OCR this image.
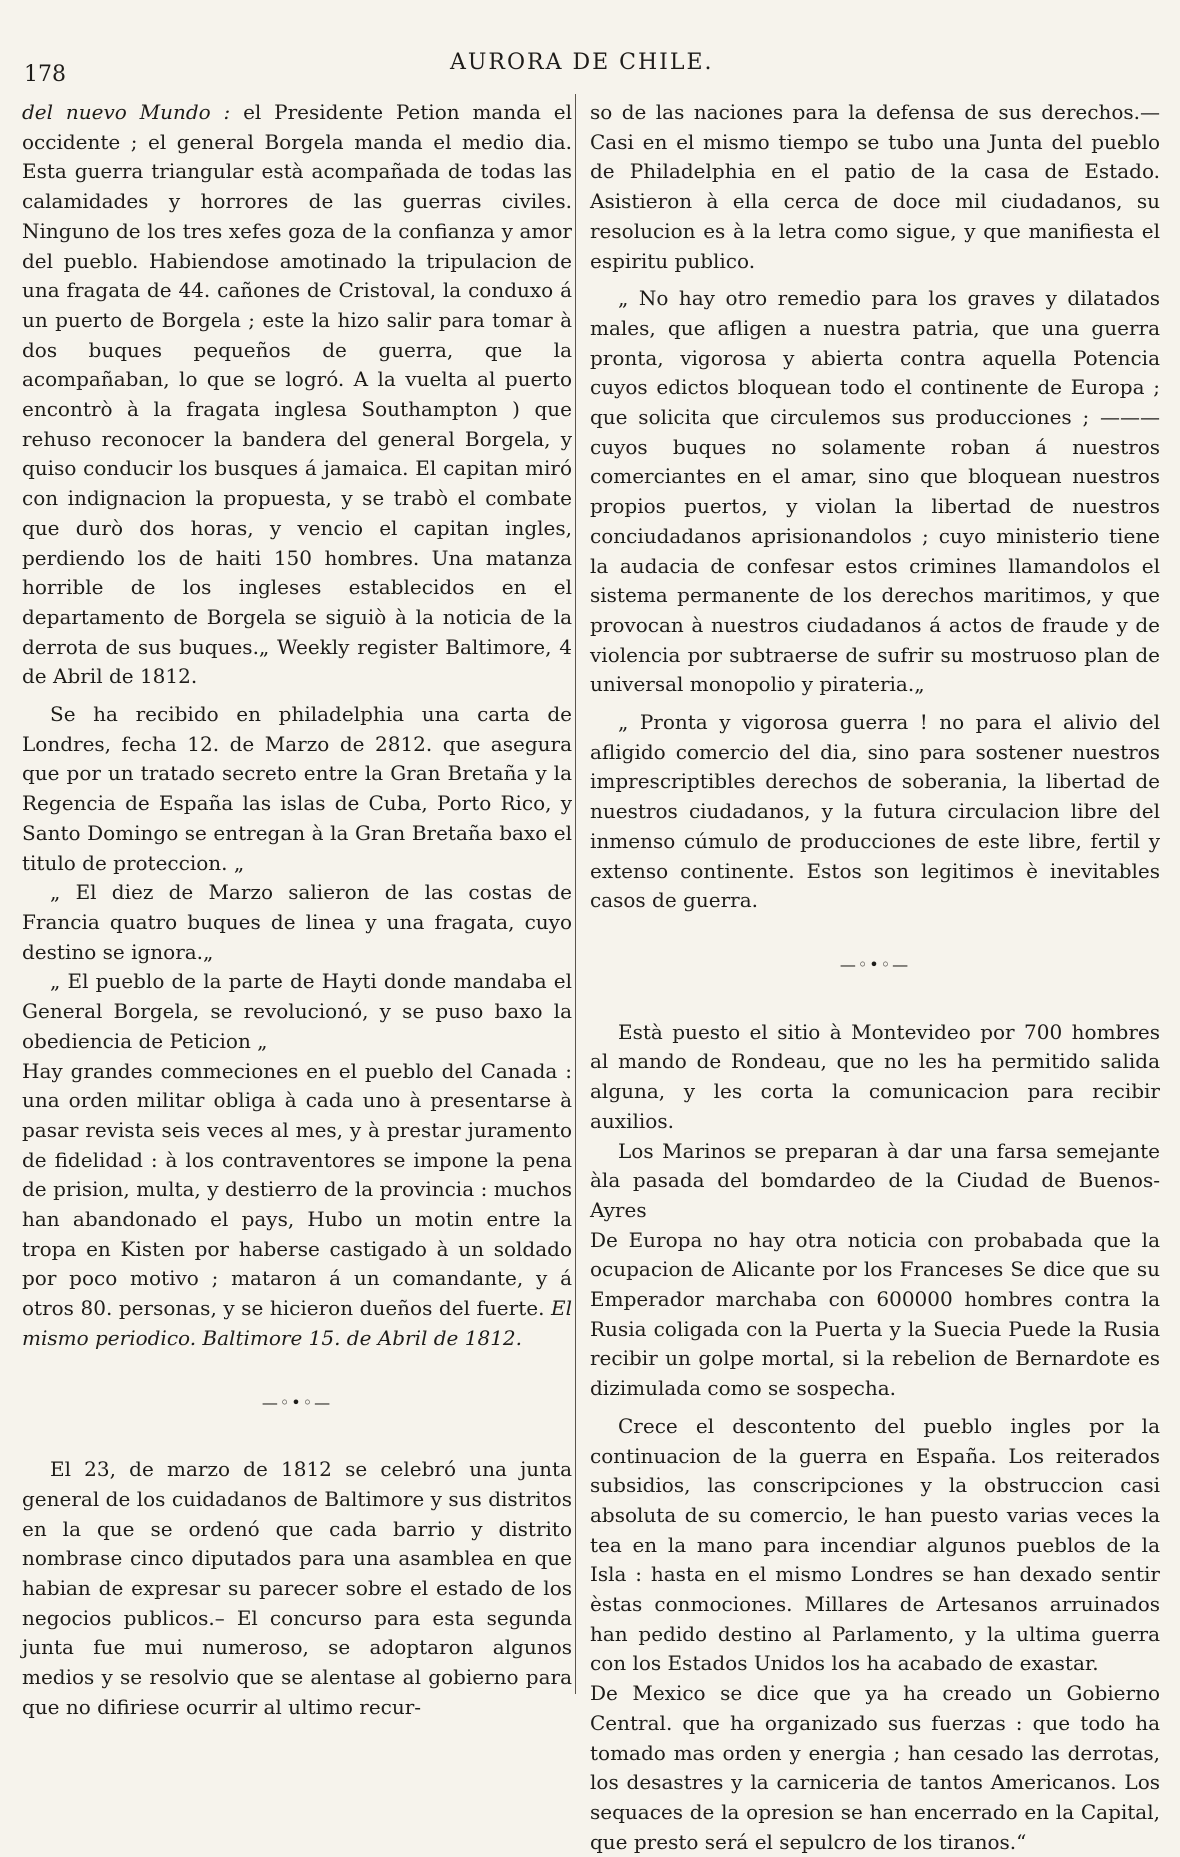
178	AURORA DE CHILE.

del nuevo Mundo : el Presidente Petion manda el occidente ; el general Borgela manda el medio dia. Esta guerra triangular està acompañada de todas las calamidades y horrores de las guerras civiles. Ninguno de los tres xefes goza de la confianza y amor del pueblo. Habiendose amotinado la tripulacion de una fragata de 44. cañones de Cristoval, la conduxo á un puerto de Borgela ; este la hizo salir para tomar à dos buques pequeños de guerra, que la acompañaban, lo que se logró. A la vuelta al puerto encontrò à la fragata inglesa Southampton ) que rehuso reconocer la bandera del general Borgela, y quiso conducir los busques á jamaica. El capitan miró con indignacion la propuesta, y se trabò el combate que durò dos horas, y vencio el capitan ingles, perdiendo los de haiti 150 hombres. Una matanza horrible de los ingleses establecidos en el departamento de Borgela se siguiò à la noticia de la derrota de sus buques.„ Weekly register Baltimore, 4 de Abril de 1812.

Se ha recibido en philadelphia una carta de Londres, fecha 12. de Marzo de 2812. que asegura que por un tratado secreto entre la Gran Bretaña y la Regencia de España las islas de Cuba, Porto Rico, y Santo Domingo se entregan à la Gran Bretaña baxo el titulo de proteccion. „

„ El diez de Marzo salieron de las costas de Francia quatro buques de linea y una fragata, cuyo destino se ignora.„

„ El pueblo de la parte de Hayti donde mandaba el General Borgela, se revolucionó, y se puso baxo la obediencia de Peticion „

Hay grandes commeciones en el pueblo del Canada : una orden militar obliga à cada uno à presentarse à pasar revista seis veces al mes, y à prestar juramento de fidelidad : à los contraventores se impone la pena de prision, multa, y destierro de la provincia : muchos han abandonado el pays, Hubo un motin entre la tropa en Kisten por haberse castigado à un soldado por poco motivo ; mataron á un comandante, y á otros 80. personas, y se hicieron dueños del fuerte. El mismo periodico. Baltimore 15. de Abril de 1812.

—◦•◦—

El 23, de marzo de 1812 se celebró una junta general de los cuidadanos de Baltimore y sus distritos en la que se ordenó que cada barrio y distrito nombrase cinco diputados para una asamblea en que habian de expresar su parecer sobre el estado de los negocios publicos.– El concurso para esta segunda junta fue mui numeroso, se adoptaron algunos medios y se resolvio que se alentase al gobierno para que no difiriese ocurrir al ultimo recur-

so de las naciones para la defensa de sus derechos.— Casi en el mismo tiempo se tubo una Junta del pueblo de Philadelphia en el patio de la casa de Estado. Asistieron à ella cerca de doce mil ciudadanos, su resolucion es à la letra como sigue, y que manifiesta el espiritu publico.

„ No hay otro remedio para los graves y dilatados males, que afligen a nuestra patria, que una guerra pronta, vigorosa y abierta contra aquella Potencia cuyos edictos bloquean todo el continente de Europa ; que solicita que circulemos sus producciones ; ——— cuyos buques no solamente roban á nuestros comerciantes en el amar, sino que bloquean nuestros propios puertos, y violan la libertad de nuestros conciudadanos aprisionandolos ; cuyo ministerio tiene la audacia de confesar estos crimines llamandolos el sistema permanente de los derechos maritimos, y que provocan à nuestros ciudadanos á actos de fraude y de violencia por subtraerse de sufrir su mostruoso plan de universal monopolio y pirateria.„

„ Pronta y vigorosa guerra ! no para el alivio del afligido comercio del dia, sino para sostener nuestros imprescriptibles derechos de soberania, la libertad de nuestros ciudadanos, y la futura circulacion libre del inmenso cúmulo de producciones de este libre, fertil y extenso continente. Estos son legitimos è inevitables casos de guerra.

—◦•◦—

Està puesto el sitio à Montevideo por 700 hombres al mando de Rondeau, que no les ha permitido salida alguna, y les corta la comunicacion para recibir auxilios.

Los Marinos se preparan à dar una farsa semejante àla pasada del bomdardeo de la Ciudad de Buenos-Ayres

De Europa no hay otra noticia con probabada que la ocupacion de Alicante por los Franceses Se dice que su Emperador marchaba con 600000 hombres contra la Rusia coligada con la Puerta y la Suecia Puede la Rusia recibir un golpe mortal, si la rebelion de Bernardote es dizimulada como se sospecha.

Crece el descontento del pueblo ingles por la continuacion de la guerra en España. Los reiterados subsidios, las conscripciones y la obstruccion casi absoluta de su comercio, le han puesto varias veces la tea en la mano para incendiar algunos pueblos de la Isla : hasta en el mismo Londres se han dexado sentir èstas conmociones. Millares de Artesanos arruinados han pedido destino al Parlamento, y la ultima guerra con los Estados Unidos los ha acabado de exastar.

De Mexico se dice que ya ha creado un Gobierno Central. que ha organizado sus fuerzas : que todo ha tomado mas orden y energia ; han cesado las derrotas, los desastres y la carniceria de tantos Americanos. Los sequaces de la opresion se han encerrado en la Capital, que presto será el sepulcro de los tiranos.“
